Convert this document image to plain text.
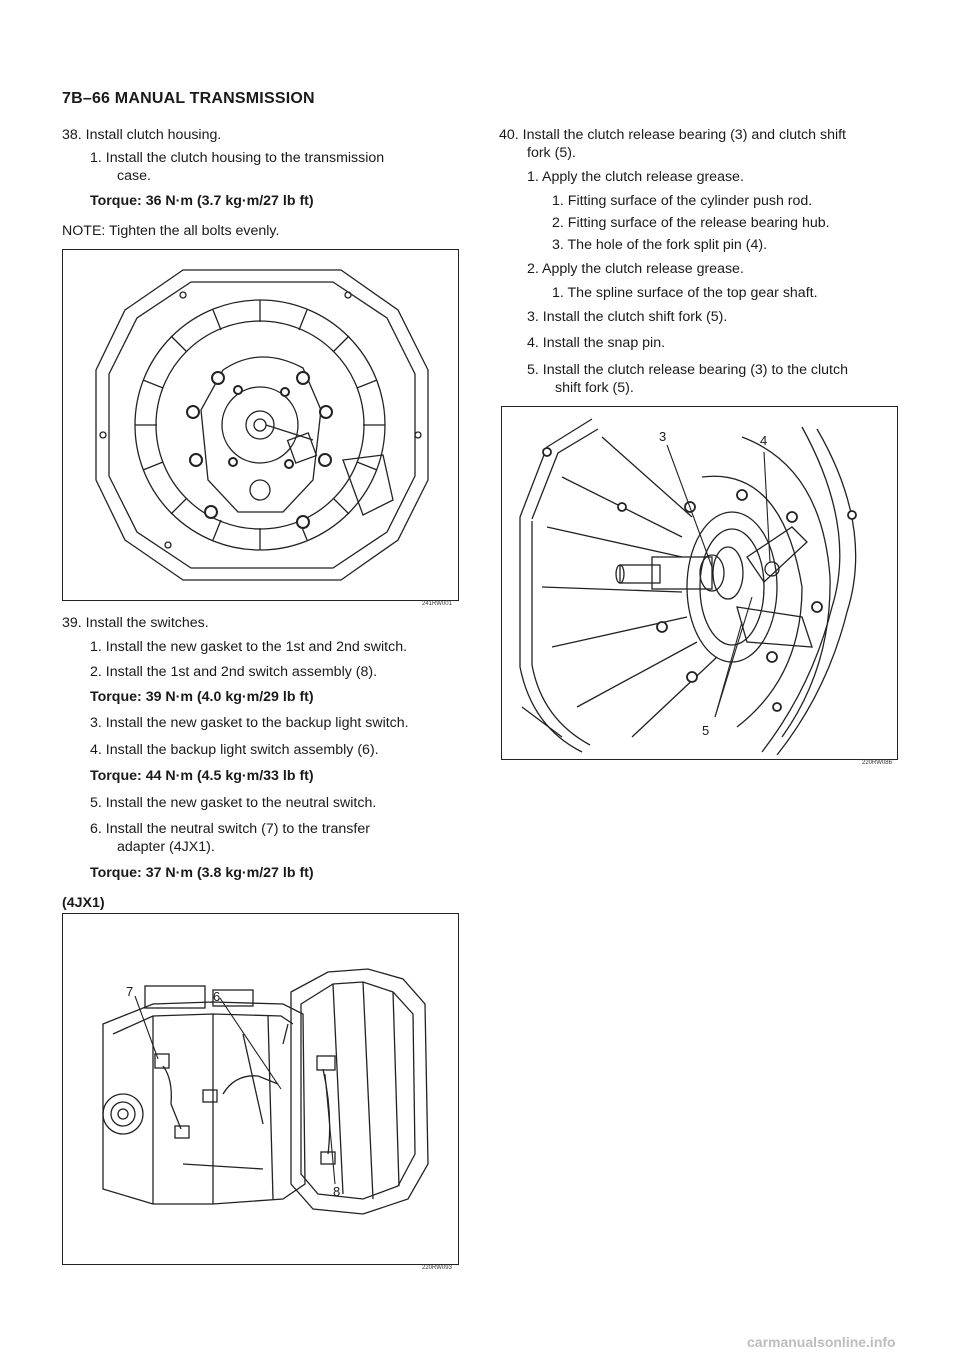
7B–66 MANUAL TRANSMISSION
38. Install clutch housing.
1. Install the clutch housing to the transmission
case.
Torque: 36 N·m (3.7 kg·m/27 lb ft)
NOTE: Tighten the all bolts evenly.
241RW001
39. Install the switches.
1. Install the new gasket to the 1st and 2nd switch.
2. Install the 1st and 2nd switch assembly (8).
Torque: 39 N·m (4.0 kg·m/29 lb ft)
3. Install the new gasket to the backup light switch.
4. Install the backup light switch assembly (6).
Torque: 44 N·m (4.5 kg·m/33 lb ft)
5. Install the new gasket to the neutral switch.
6. Install the neutral switch (7) to the transfer
adapter (4JX1).
Torque: 37 N·m (3.8 kg·m/27 lb ft)
(4JX1)
7	6
8
220RW093
40. Install the clutch release bearing (3) and clutch shift
fork (5).
1. Apply the clutch release grease.
1. Fitting surface of the cylinder push rod.
2. Fitting surface of the release bearing hub.
3. The hole of the fork split pin (4).
2. Apply the clutch release grease.
1. The spline surface of the top gear shaft.
3. Install the clutch shift fork (5).
4. Install the snap pin.
5. Install the clutch release bearing (3) to the clutch
shift fork (5).
3	4
5
220RW086
carmanualsonline.info
